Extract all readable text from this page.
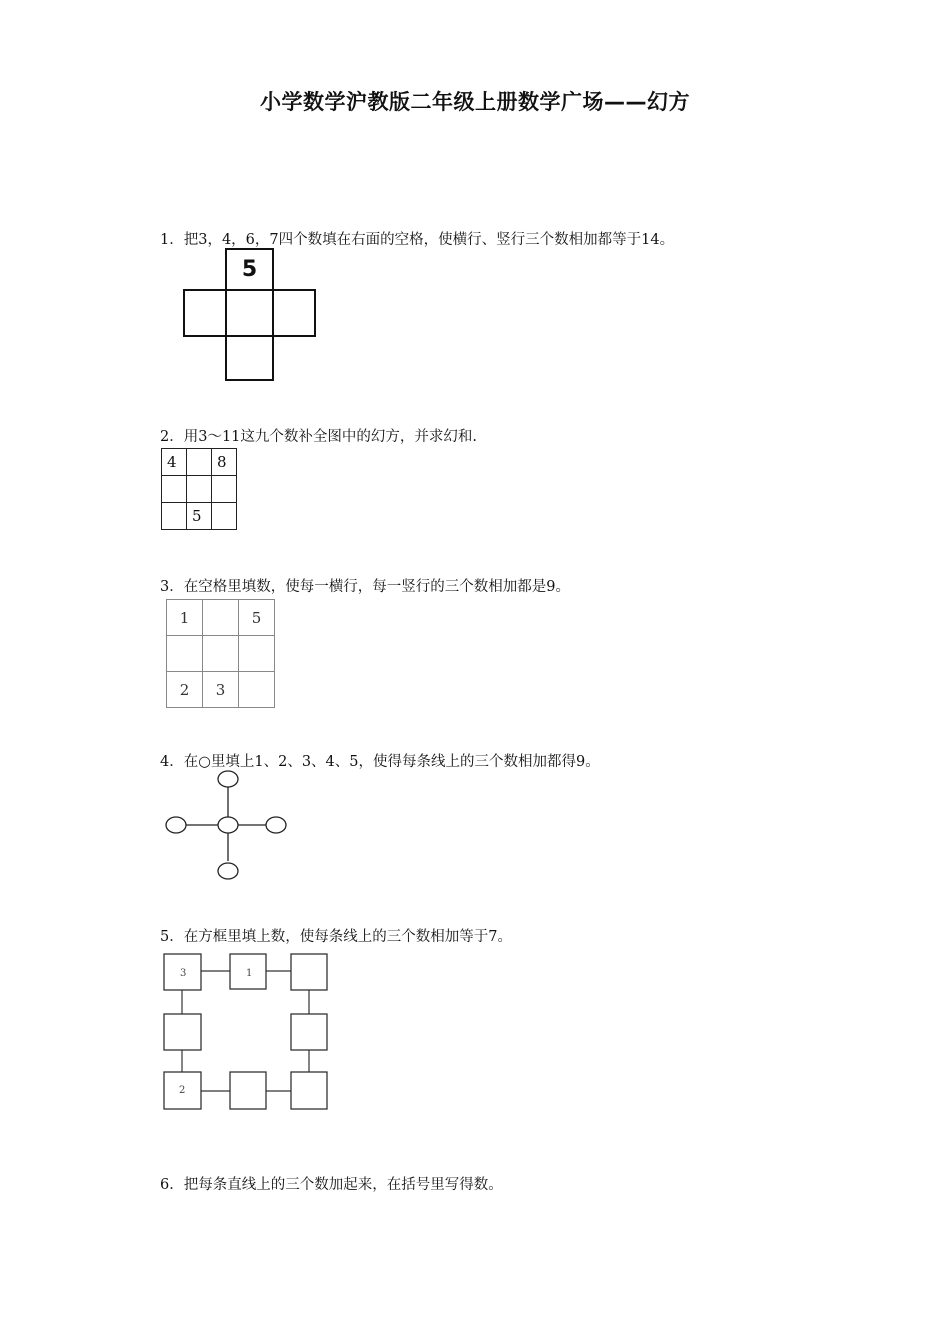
小学数学沪教版二年级上册数学广场——幻方
1．把3，4，6，7四个数填在右面的空格，使横行、竖行三个数相加都等于14。
5
2．用3～11这九个数补全图中的幻方，并求幻和.
4		8

	5	
3．在空格里填数，使每一横行，每一竖行的三个数相加都是9。
1		5

2	3	
4．在○里填上1、2、3、4、5，使得每条线上的三个数相加都得9。
5．在方框里填上数，使每条线上的三个数相加等于7。
3	1
2
6．把每条直线上的三个数加起来，在括号里写得数。
